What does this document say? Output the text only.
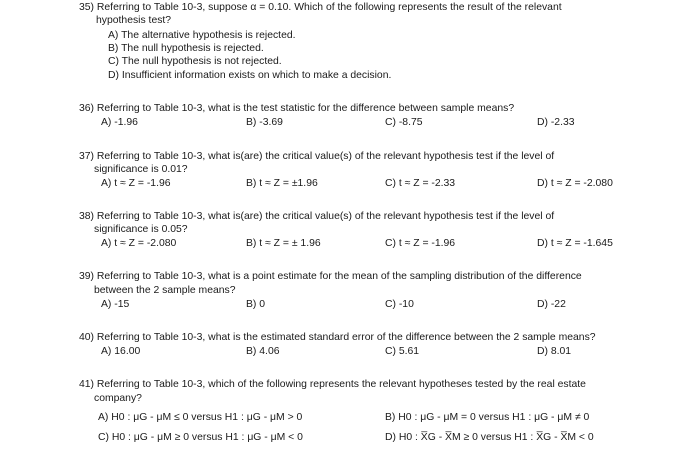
35) Referring to Table 10-3, suppose α = 0.10. Which of the following represents the result of the relevant
hypothesis test?
A) The alternative hypothesis is rejected.
B) The null hypothesis is rejected.
C) The null hypothesis is not rejected.
D) Insufficient information exists on which to make a decision.
36) Referring to Table 10-3, what is the test statistic for the difference between sample means?
A) -1.96	B) -3.69	C) -8.75	D) -2.33
37) Referring to Table 10-3, what is(are) the critical value(s) of the relevant hypothesis test if the level of
significance is 0.01?
A) t ≈ Z = -1.96	B) t ≈ Z = ±1.96	C) t ≈ Z = -2.33	D) t ≈ Z = -2.080
38) Referring to Table 10-3, what is(are) the critical value(s) of the relevant hypothesis test if the level of
significance is 0.05?
A) t ≈ Z = -2.080	B) t ≈ Z = ± 1.96	C) t ≈ Z = -1.96	D) t ≈ Z = -1.645
39) Referring to Table 10-3, what is a point estimate for the mean of the sampling distribution of the difference
between the 2 sample means?
A) -15	B) 0	C) -10	D) -22
40) Referring to Table 10-3, what is the estimated standard error of the difference between the 2 sample means?
A) 16.00	B) 4.06	C) 5.61	D) 8.01
41) Referring to Table 10-3, which of the following represents the relevant hypotheses tested by the real estate
company?
A) H0 : μG - μM ≤ 0 versus H1 : μG - μM > 0	B) H0 : μG - μM = 0 versus H1 : μG - μM ≠ 0
C) H0 : μG - μM ≥ 0 versus H1 : μG - μM < 0	D) H0 : X̅G - X̅M ≥ 0 versus H1 : X̅G - X̅M < 0
